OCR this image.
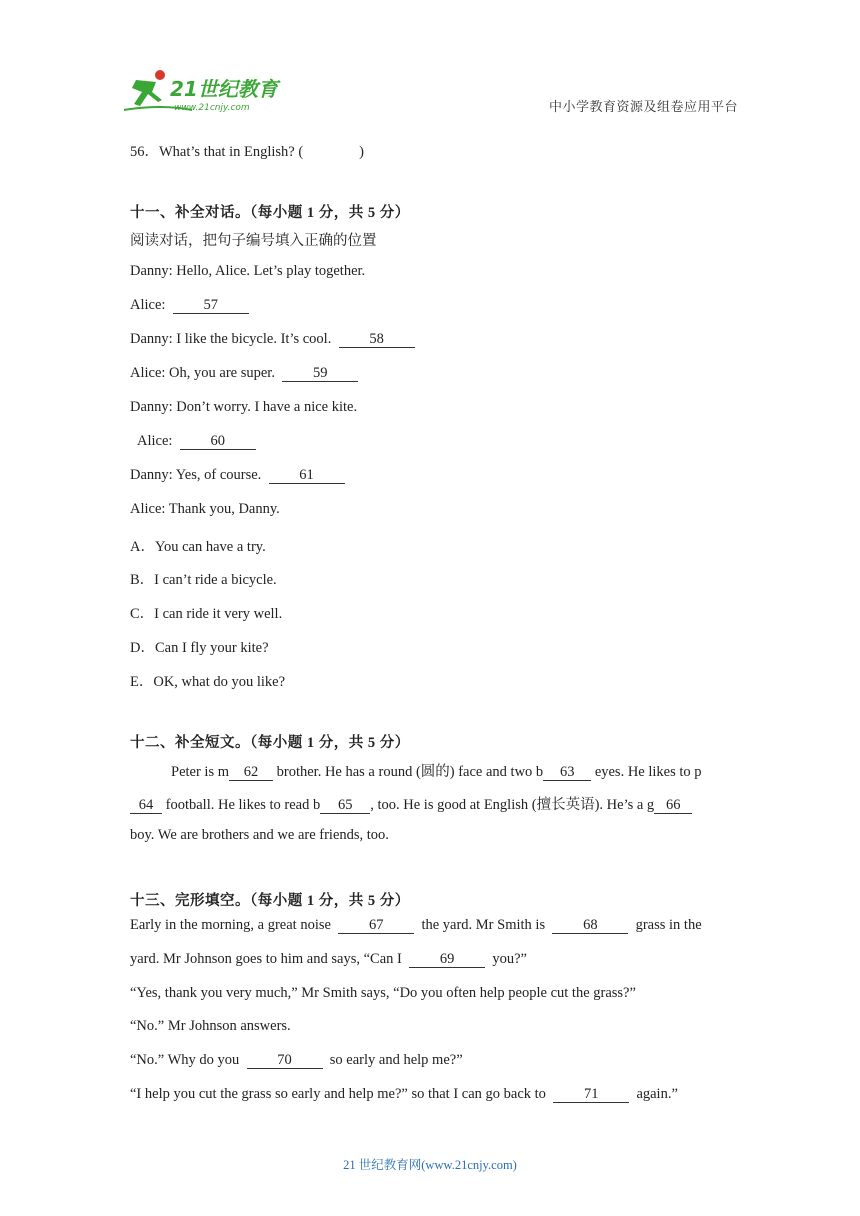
21世纪教育
www.21cnjy.com	中小学教育资源及组卷应用平台
56．What’s that in English? (	)
十一、补全对话。（每小题 1 分，共 5 分）
阅读对话，把句子编号填入正确的位置
Danny: Hello, Alice. Let’s play together.
Alice:	57
Danny: I like the bicycle. It’s cool.	58
Alice: Oh, you are super.	59
Danny: Don’t worry. I have a nice kite.
Alice:	60
Danny: Yes, of course.	61
Alice: Thank you, Danny.
A．You can have a try.
B．I can’t ride a bicycle.
C．I can ride it very well.
D．Can I fly your kite?
E．OK, what do you like?
十二、补全短文。（每小题 1 分，共 5 分）
Peter is m 62 brother. He has a round (圆的) face and two b 63 eyes. He likes to p
64 football. He likes to read b 65 , too. He is good at English (擅长英语). He’s a g 66
boy. We are brothers and we are friends, too.
十三、完形填空。（每小题 1 分，共 5 分）
Early in the morning, a great noise	67	the yard. Mr Smith is	68	grass in the
yard. Mr Johnson goes to him and says, “Can I	69	you?”
“Yes, thank you very much,” Mr Smith says, “Do you often help people cut the grass?”
“No.” Mr Johnson answers.
“No.” Why do you	70	so early and help me?”
“I help you cut the grass so early and help me?” so that I can go back to	71	again.”
21 世纪教育网(www.21cnjy.com)
